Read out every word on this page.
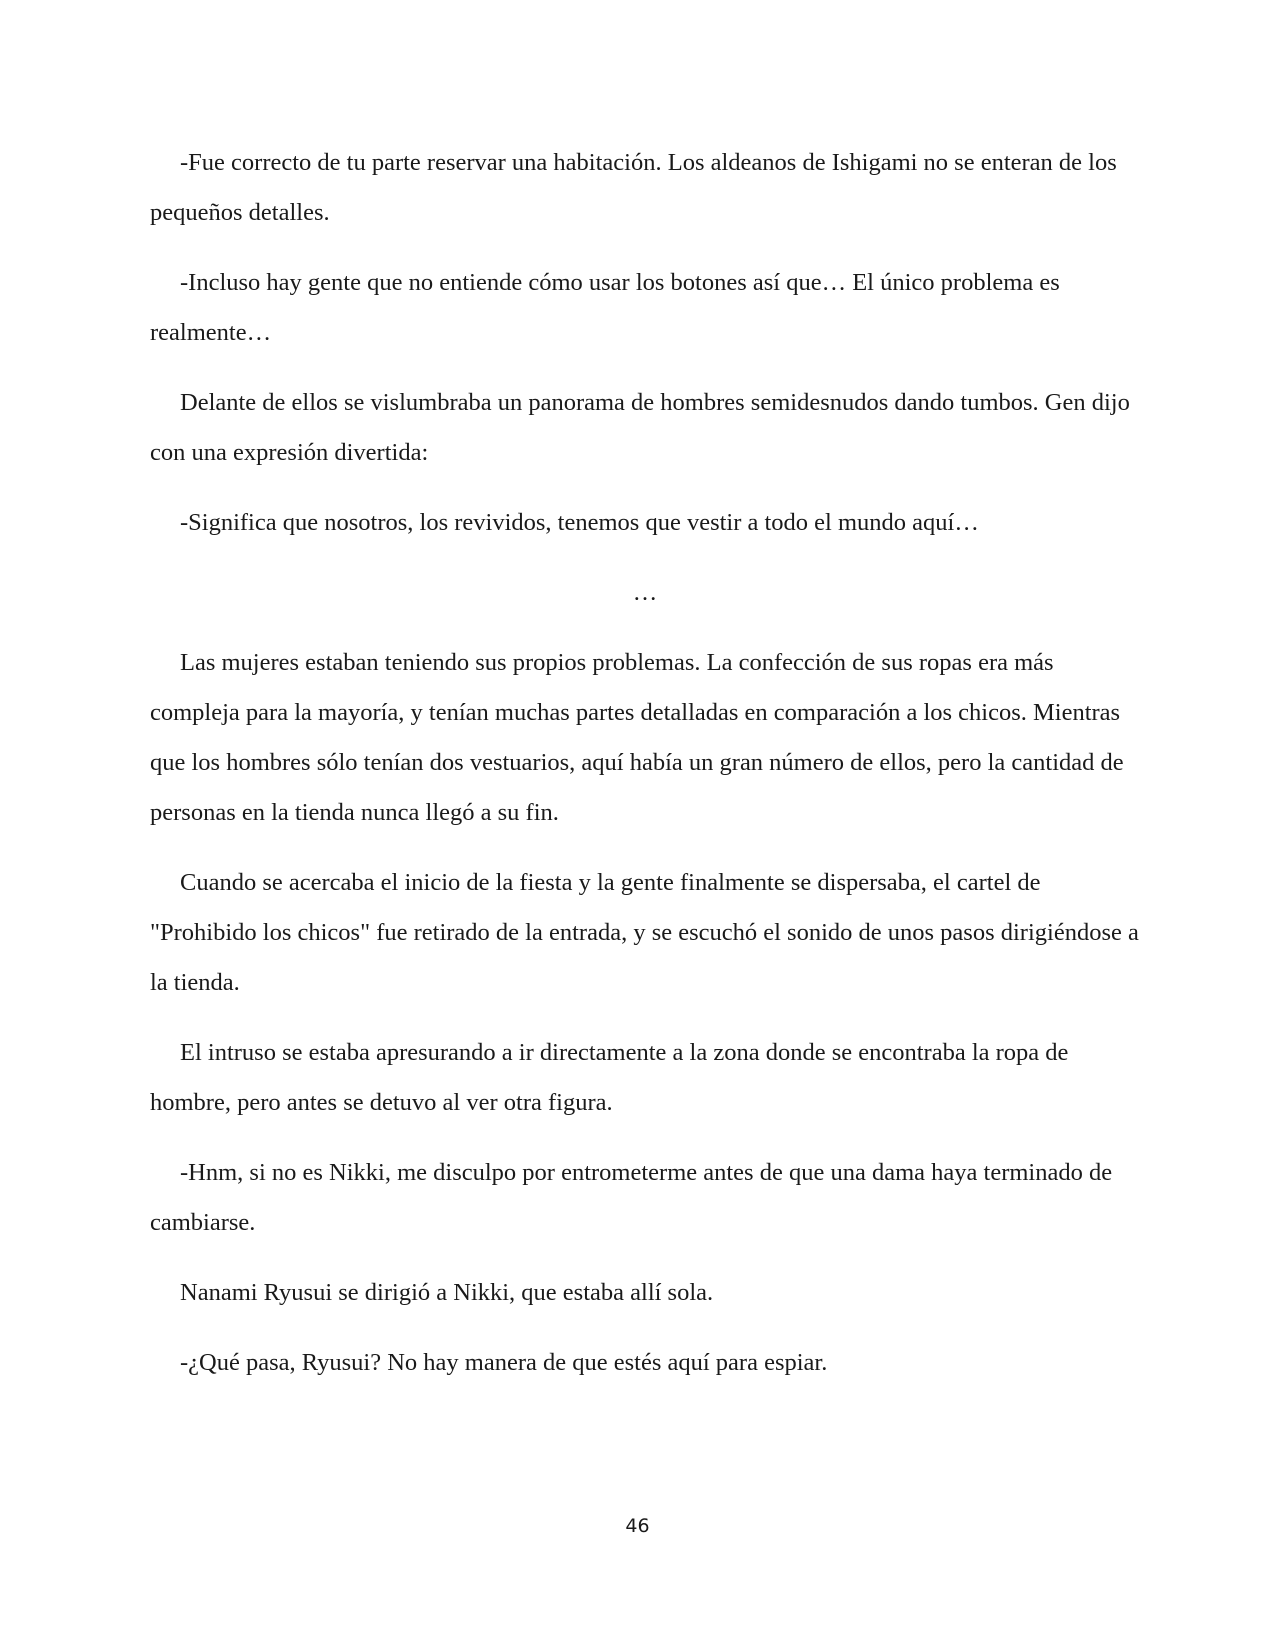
-Fue correcto de tu parte reservar una habitación. Los aldeanos de Ishigami no se enteran de los pequeños detalles.

-Incluso hay gente que no entiende cómo usar los botones así que… El único problema es realmente…

Delante de ellos se vislumbraba un panorama de hombres semidesnudos dando tumbos. Gen dijo con una expresión divertida:

-Significa que nosotros, los revividos, tenemos que vestir a todo el mundo aquí…

…

Las mujeres estaban teniendo sus propios problemas. La confección de sus ropas era más compleja para la mayoría, y tenían muchas partes detalladas en comparación a los chicos. Mientras que los hombres sólo tenían dos vestuarios, aquí había un gran número de ellos, pero la cantidad de personas en la tienda nunca llegó a su fin.

Cuando se acercaba el inicio de la fiesta y la gente finalmente se dispersaba, el cartel de "Prohibido los chicos" fue retirado de la entrada, y se escuchó el sonido de unos pasos dirigiéndose a la tienda.

El intruso se estaba apresurando a ir directamente a la zona donde se encontraba la ropa de hombre, pero antes se detuvo al ver otra figura.

-Hnm, si no es Nikki, me disculpo por entrometerme antes de que una dama haya terminado de cambiarse.

Nanami Ryusui se dirigió a Nikki, que estaba allí sola.

-¿Qué pasa, Ryusui? No hay manera de que estés aquí para espiar.

46
